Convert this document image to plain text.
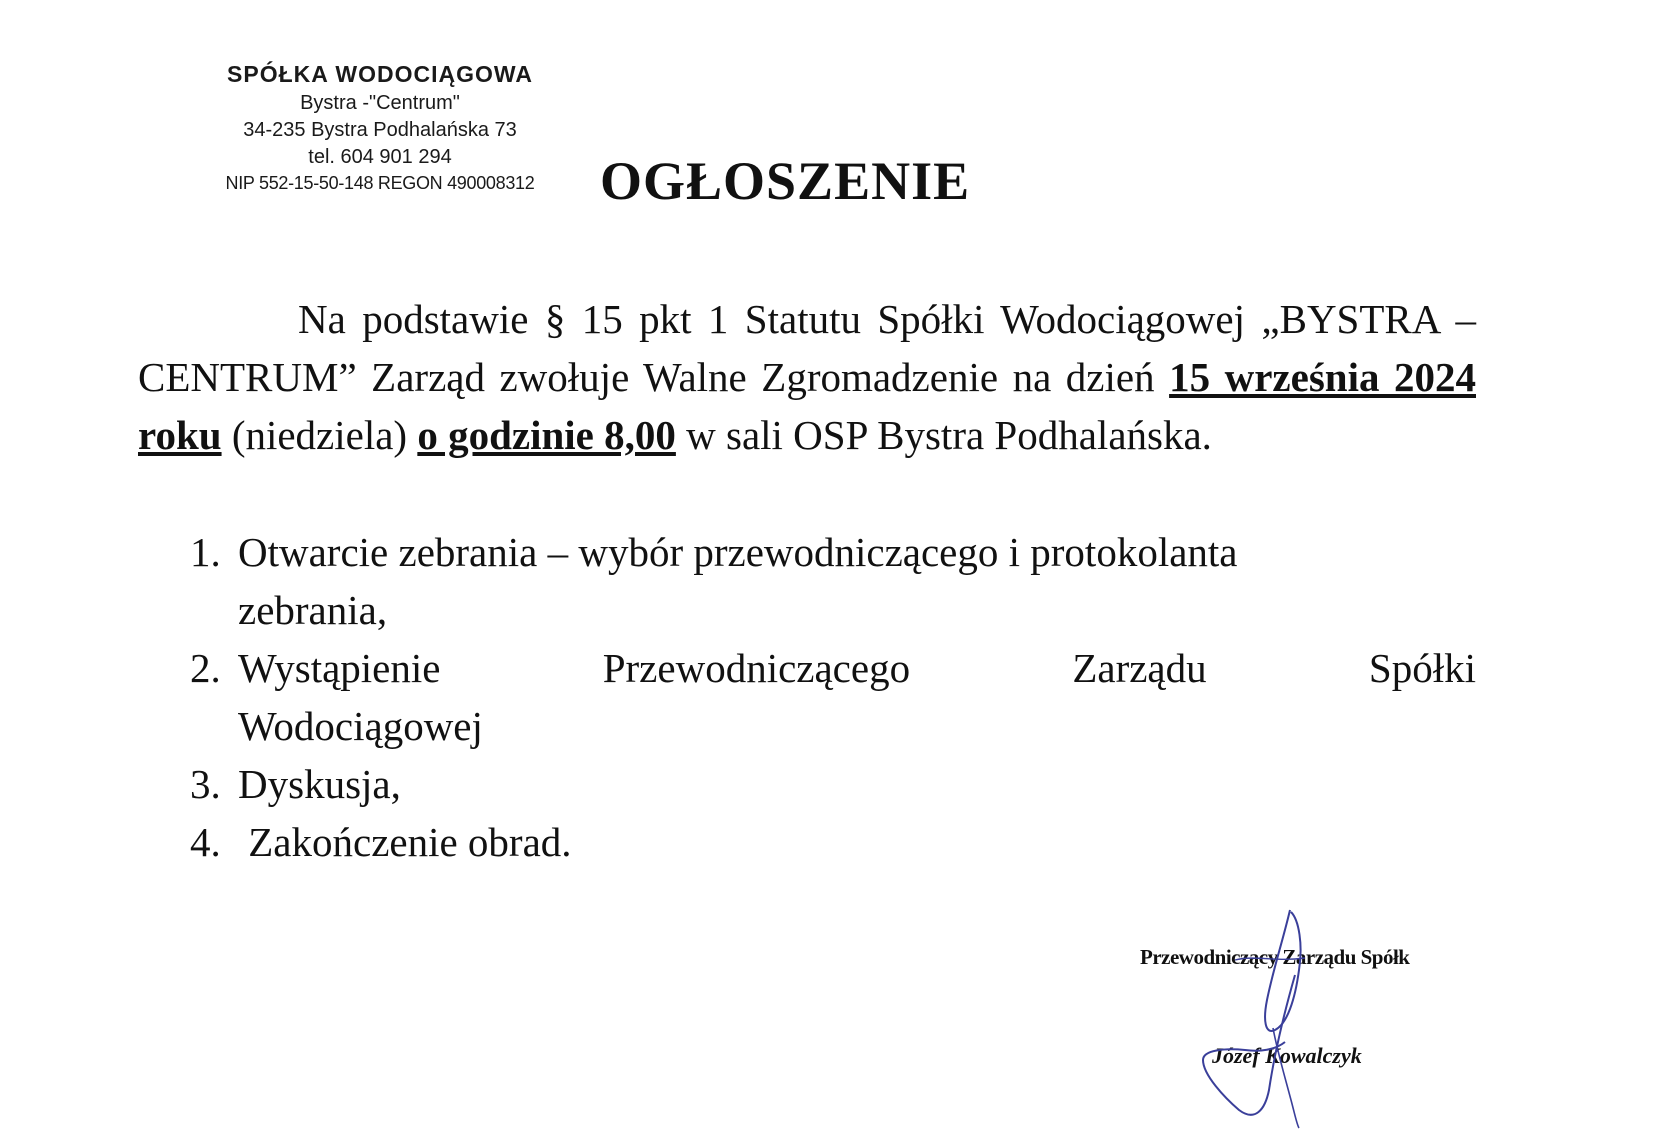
SPÓŁKA WODOCIĄGOWA
Bystra -"Centrum"
34-235 Bystra Podhalańska 73
tel. 604 901 294
NIP 552-15-50-148 REGON 490008312	OGŁOSZENIE

Na podstawie § 15 pkt 1 Statutu Spółki Wodociągowej „BYSTRA – CENTRUM” Zarząd zwołuje Walne Zgromadzenie na dzień 15 września 2024 roku (niedziela) o godzinie 8,00 w sali OSP Bystra Podhalańska.

1. Otwarcie zebrania – wybór przewodniczącego i protokolanta
zebrania,
2. Wystąpienie Przewodniczącego Zarządu Spółki
Wodociągowej
3. Dyskusja,
4. Zakończenie obrad.
Przewodniczący Zarządu Spółk
Józef Kowalczyk
